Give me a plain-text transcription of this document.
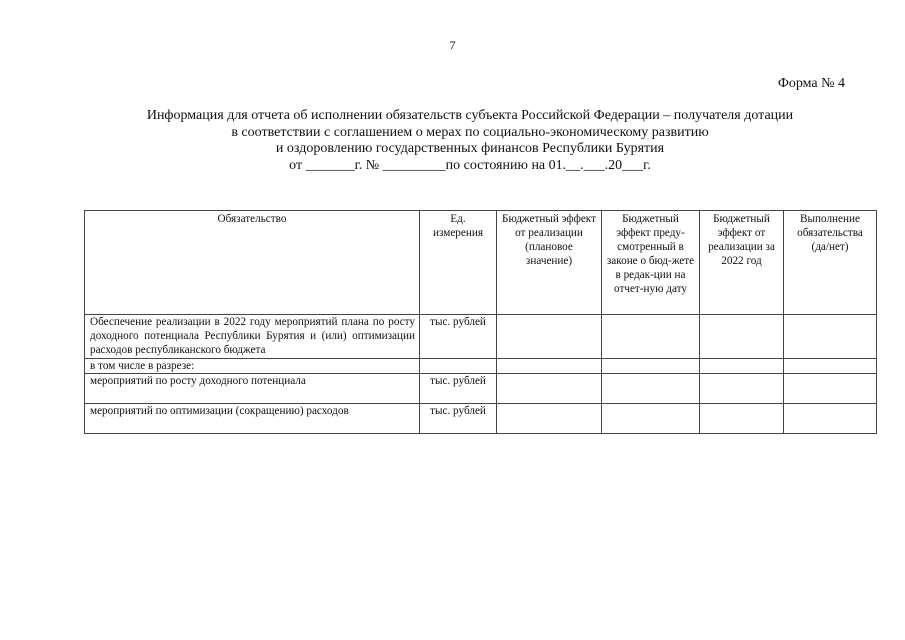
7
Форма № 4
Информация для отчета об исполнении обязательств субъекта Российской Федерации – получателя дотации
в соответствии с соглашением о мерах по социально-экономическому развитию
и оздоровлению государственных финансов Республики Бурятия
от _______г. № _________по состоянию на 01.__.___.20___г.
Обязательство	Ед. измерения	Бюджетный эффект от реализации (плановое значение)	Бюджетный эффект преду-смотренный в законе о бюд-жете в редак-ции на отчет-ную дату	Бюджетный эффект от реализации за 2022 год	Выполнение обязательства (да/нет)
Обеспечение реализации в 2022 году мероприятий плана по росту доходного потенциала Республики Бурятия и (или) оптимизации расходов республиканского бюджета	тыс. рублей				
в том числе в разрезе:					
мероприятий по росту доходного потенциала	тыс. рублей				
мероприятий по оптимизации (сокращению) расходов	тыс. рублей				
